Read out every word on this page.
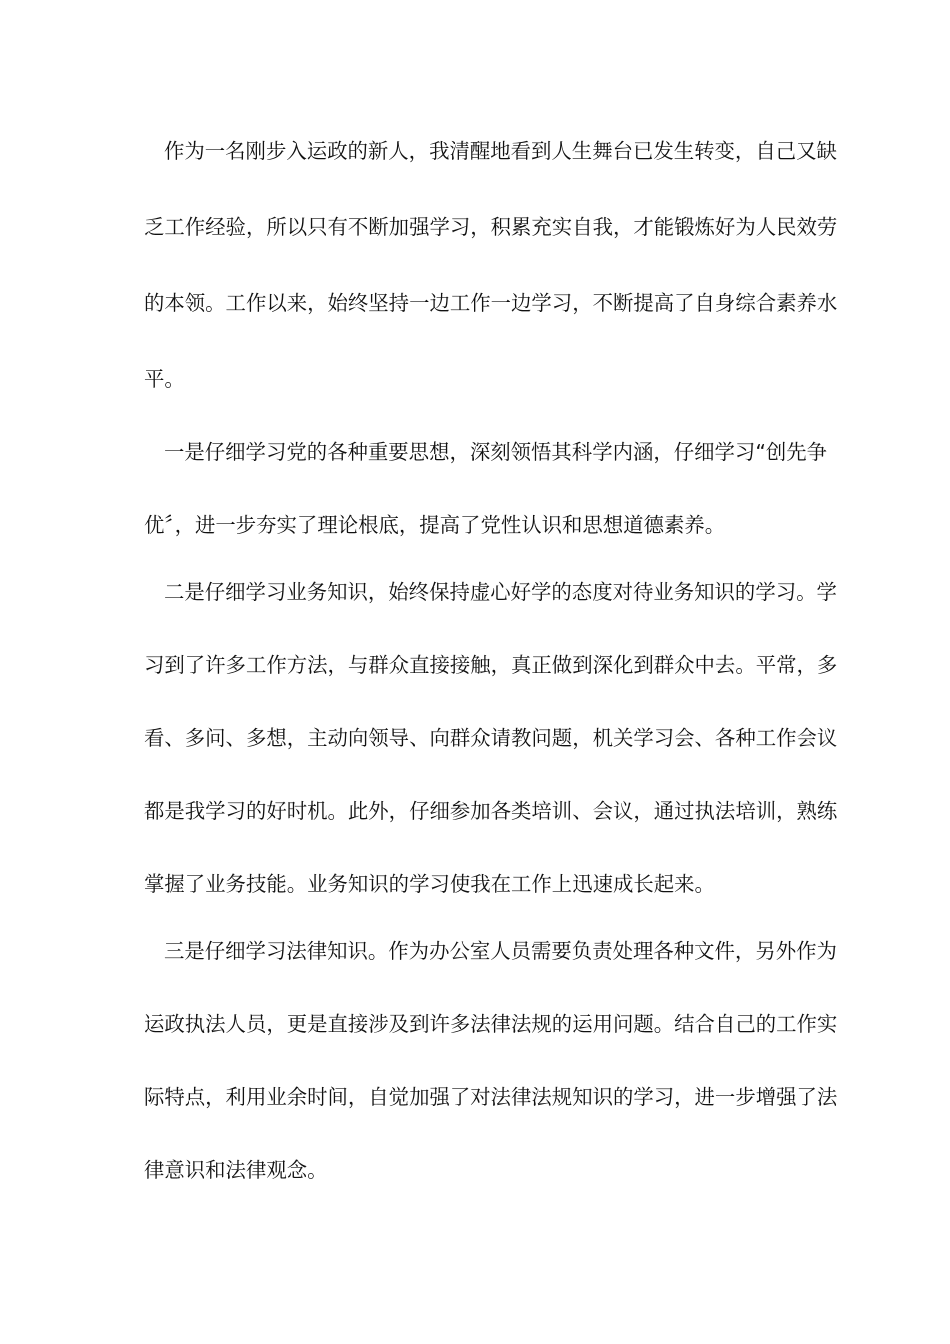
作为一名刚步入运政的新人，我清醒地看到人生舞台已发生转变，自己又缺
乏工作经验，所以只有不断加强学习，积累充实自我，才能锻炼好为人民效劳
的本领。工作以来，始终坚持一边工作一边学习，不断提高了自身综合素养水
平。
一是仔细学习党的各种重要思想，深刻领悟其科学内涵，仔细学习“创先争
优〞，进一步夯实了理论根底，提高了党性认识和思想道德素养。
二是仔细学习业务知识，始终保持虚心好学的态度对待业务知识的学习。学
习到了许多工作方法，与群众直接接触，真正做到深化到群众中去。平常，多
看、多问、多想，主动向领导、向群众请教问题，机关学习会、各种工作会议
都是我学习的好时机。此外，仔细参加各类培训、会议，通过执法培训，熟练
掌握了业务技能。业务知识的学习使我在工作上迅速成长起来。
三是仔细学习法律知识。作为办公室人员需要负责处理各种文件，另外作为
运政执法人员，更是直接涉及到许多法律法规的运用问题。结合自己的工作实
际特点，利用业余时间，自觉加强了对法律法规知识的学习，进一步增强了法
律意识和法律观念。
